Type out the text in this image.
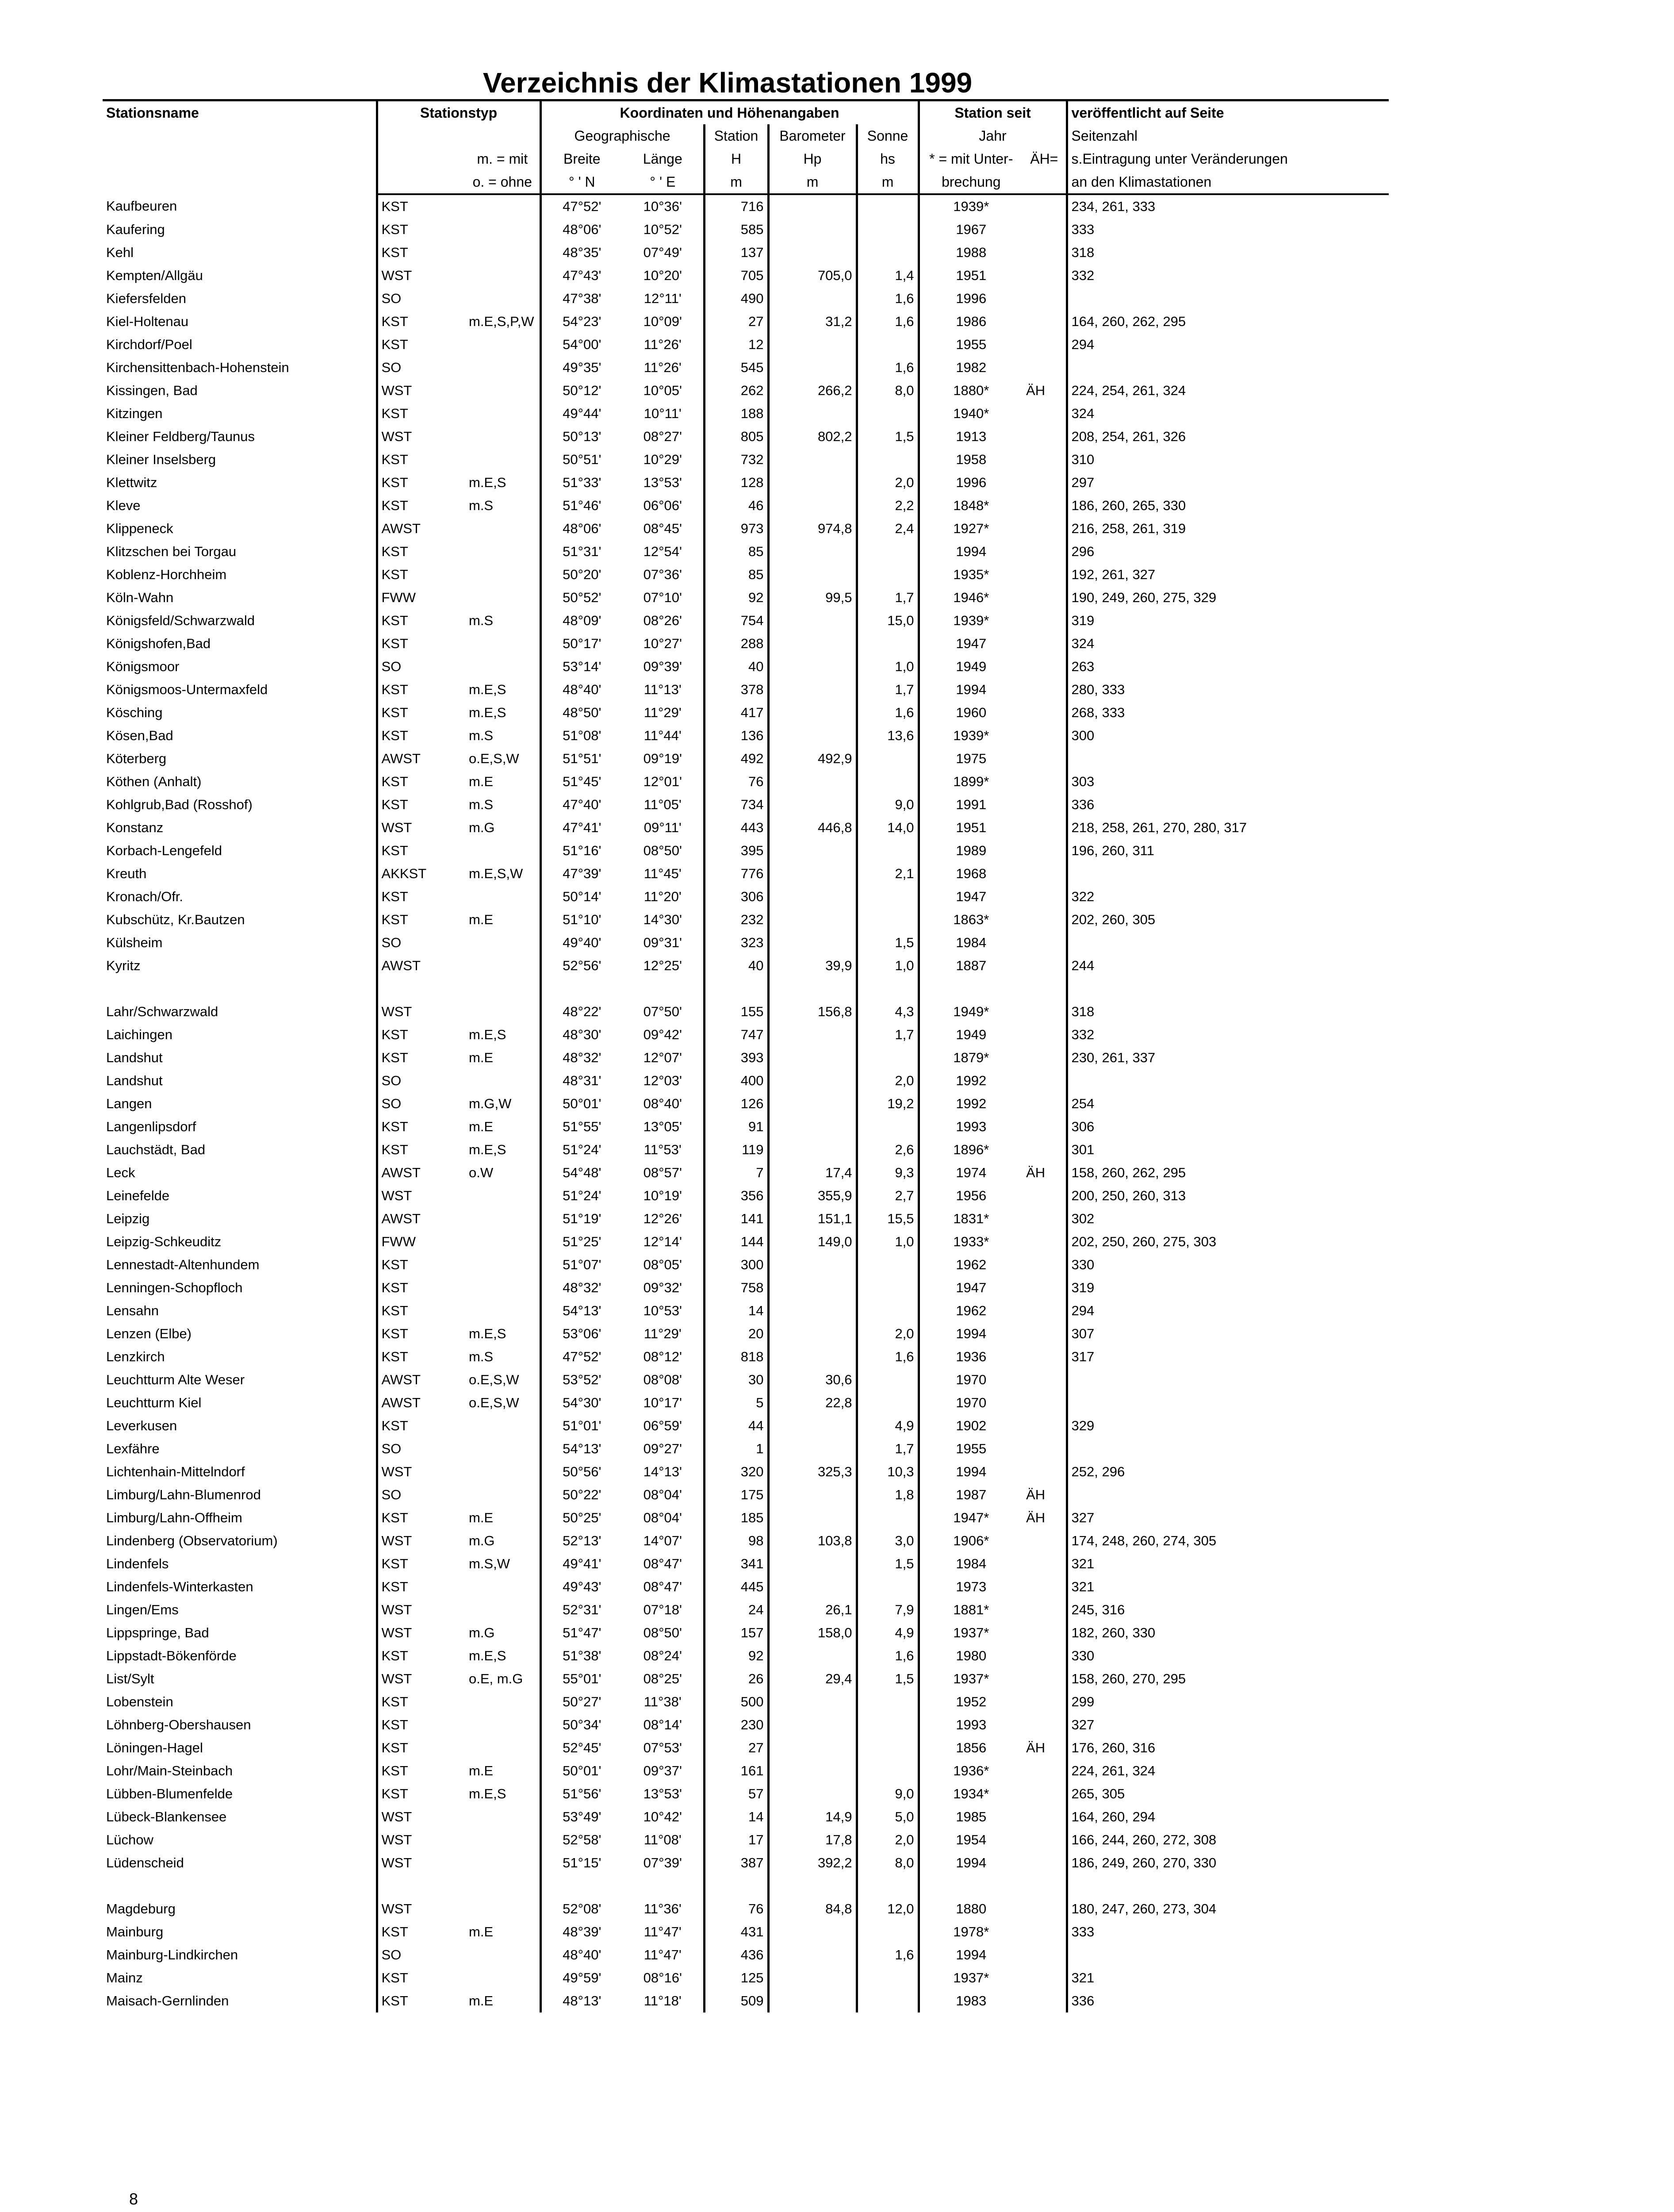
Verzeichnis der Klimastationen 1999
Stationsname	Stationstyp		Koordinaten und Höhenangaben					Station seit		veröffentlicht auf Seite
			Geographische		Station	Barometer	Sonne	Jahr		Seitenzahl
		m. = mit	Breite	Länge	H	Hp	hs	* = mit Unter-	ÄH=	s.Eintragung unter Veränderungen
		o. = ohne	° ' N	° ' E	m	m	m	brechung		an den Klimastationen
Kaufbeuren	KST		47°52'	10°36'	716			1939*		234, 261, 333
Kaufering	KST		48°06'	10°52'	585			1967		333
Kehl	KST		48°35'	07°49'	137			1988		318
Kempten/Allgäu	WST		47°43'	10°20'	705	705,0	1,4	1951		332
Kiefersfelden	SO		47°38'	12°11'	490		1,6	1996		
Kiel-Holtenau	KST	m.E,S,P,W	54°23'	10°09'	27	31,2	1,6	1986		164, 260, 262, 295
Kirchdorf/Poel	KST		54°00'	11°26'	12			1955		294
Kirchensittenbach-Hohenstein	SO		49°35'	11°26'	545		1,6	1982		
Kissingen, Bad	WST		50°12'	10°05'	262	266,2	8,0	1880*	ÄH	224, 254, 261, 324
Kitzingen	KST		49°44'	10°11'	188			1940*		324
Kleiner Feldberg/Taunus	WST		50°13'	08°27'	805	802,2	1,5	1913		208, 254, 261, 326
Kleiner Inselsberg	KST		50°51'	10°29'	732			1958		310
Klettwitz	KST	m.E,S	51°33'	13°53'	128		2,0	1996		297
Kleve	KST	m.S	51°46'	06°06'	46		2,2	1848*		186, 260, 265, 330
Klippeneck	AWST		48°06'	08°45'	973	974,8	2,4	1927*		216, 258, 261, 319
Klitzschen bei Torgau	KST		51°31'	12°54'	85			1994		296
Koblenz-Horchheim	KST		50°20'	07°36'	85			1935*		192, 261, 327
Köln-Wahn	FWW		50°52'	07°10'	92	99,5	1,7	1946*		190, 249, 260, 275, 329
Königsfeld/Schwarzwald	KST	m.S	48°09'	08°26'	754		15,0	1939*		319
Königshofen,Bad	KST		50°17'	10°27'	288			1947		324
Königsmoor	SO		53°14'	09°39'	40		1,0	1949		263
Königsmoos-Untermaxfeld	KST	m.E,S	48°40'	11°13'	378		1,7	1994		280, 333
Kösching	KST	m.E,S	48°50'	11°29'	417		1,6	1960		268, 333
Kösen,Bad	KST	m.S	51°08'	11°44'	136		13,6	1939*		300
Köterberg	AWST	o.E,S,W	51°51'	09°19'	492	492,9		1975		
Köthen (Anhalt)	KST	m.E	51°45'	12°01'	76			1899*		303
Kohlgrub,Bad (Rosshof)	KST	m.S	47°40'	11°05'	734		9,0	1991		336
Konstanz	WST	m.G	47°41'	09°11'	443	446,8	14,0	1951		218, 258, 261, 270, 280, 317
Korbach-Lengefeld	KST		51°16'	08°50'	395			1989		196, 260, 311
Kreuth	AKKST	m.E,S,W	47°39'	11°45'	776		2,1	1968		
Kronach/Ofr.	KST		50°14'	11°20'	306			1947		322
Kubschütz, Kr.Bautzen	KST	m.E	51°10'	14°30'	232			1863*		202, 260, 305
Külsheim	SO		49°40'	09°31'	323		1,5	1984		
Kyritz	AWST		52°56'	12°25'	40	39,9	1,0	1887		244

Lahr/Schwarzwald	WST		48°22'	07°50'	155	156,8	4,3	1949*		318
Laichingen	KST	m.E,S	48°30'	09°42'	747		1,7	1949		332
Landshut	KST	m.E	48°32'	12°07'	393			1879*		230, 261, 337
Landshut	SO		48°31'	12°03'	400		2,0	1992		
Langen	SO	m.G,W	50°01'	08°40'	126		19,2	1992		254
Langenlipsdorf	KST	m.E	51°55'	13°05'	91			1993		306
Lauchstädt, Bad	KST	m.E,S	51°24'	11°53'	119		2,6	1896*		301
Leck	AWST	o.W	54°48'	08°57'	7	17,4	9,3	1974	ÄH	158, 260, 262, 295
Leinefelde	WST		51°24'	10°19'	356	355,9	2,7	1956		200, 250, 260, 313
Leipzig	AWST		51°19'	12°26'	141	151,1	15,5	1831*		302
Leipzig-Schkeuditz	FWW		51°25'	12°14'	144	149,0	1,0	1933*		202, 250, 260, 275, 303
Lennestadt-Altenhundem	KST		51°07'	08°05'	300			1962		330
Lenningen-Schopfloch	KST		48°32'	09°32'	758			1947		319
Lensahn	KST		54°13'	10°53'	14			1962		294
Lenzen (Elbe)	KST	m.E,S	53°06'	11°29'	20		2,0	1994		307
Lenzkirch	KST	m.S	47°52'	08°12'	818		1,6	1936		317
Leuchtturm Alte Weser	AWST	o.E,S,W	53°52'	08°08'	30	30,6		1970		
Leuchtturm Kiel	AWST	o.E,S,W	54°30'	10°17'	5	22,8		1970		
Leverkusen	KST		51°01'	06°59'	44		4,9	1902		329
Lexfähre	SO		54°13'	09°27'	1		1,7	1955		
Lichtenhain-Mittelndorf	WST		50°56'	14°13'	320	325,3	10,3	1994		252, 296
Limburg/Lahn-Blumenrod	SO		50°22'	08°04'	175		1,8	1987	ÄH	
Limburg/Lahn-Offheim	KST	m.E	50°25'	08°04'	185			1947*	ÄH	327
Lindenberg (Observatorium)	WST	m.G	52°13'	14°07'	98	103,8	3,0	1906*		174, 248, 260, 274, 305
Lindenfels	KST	m.S,W	49°41'	08°47'	341		1,5	1984		321
Lindenfels-Winterkasten	KST		49°43'	08°47'	445			1973		321
Lingen/Ems	WST		52°31'	07°18'	24	26,1	7,9	1881*		245, 316
Lippspringe, Bad	WST	m.G	51°47'	08°50'	157	158,0	4,9	1937*		182, 260, 330
Lippstadt-Bökenförde	KST	m.E,S	51°38'	08°24'	92		1,6	1980		330
List/Sylt	WST	o.E, m.G	55°01'	08°25'	26	29,4	1,5	1937*		158, 260, 270, 295
Lobenstein	KST		50°27'	11°38'	500			1952		299
Löhnberg-Obershausen	KST		50°34'	08°14'	230			1993		327
Löningen-Hagel	KST		52°45'	07°53'	27			1856	ÄH	176, 260, 316
Lohr/Main-Steinbach	KST	m.E	50°01'	09°37'	161			1936*		224, 261, 324
Lübben-Blumenfelde	KST	m.E,S	51°56'	13°53'	57		9,0	1934*		265, 305
Lübeck-Blankensee	WST		53°49'	10°42'	14	14,9	5,0	1985		164, 260, 294
Lüchow	WST		52°58'	11°08'	17	17,8	2,0	1954		166, 244, 260, 272, 308
Lüdenscheid	WST		51°15'	07°39'	387	392,2	8,0	1994		186, 249, 260, 270, 330

Magdeburg	WST		52°08'	11°36'	76	84,8	12,0	1880		180, 247, 260, 273, 304
Mainburg	KST	m.E	48°39'	11°47'	431			1978*		333
Mainburg-Lindkirchen	SO		48°40'	11°47'	436		1,6	1994		
Mainz	KST		49°59'	08°16'	125			1937*		321
Maisach-Gernlinden	KST	m.E	48°13'	11°18'	509			1983		336
8
